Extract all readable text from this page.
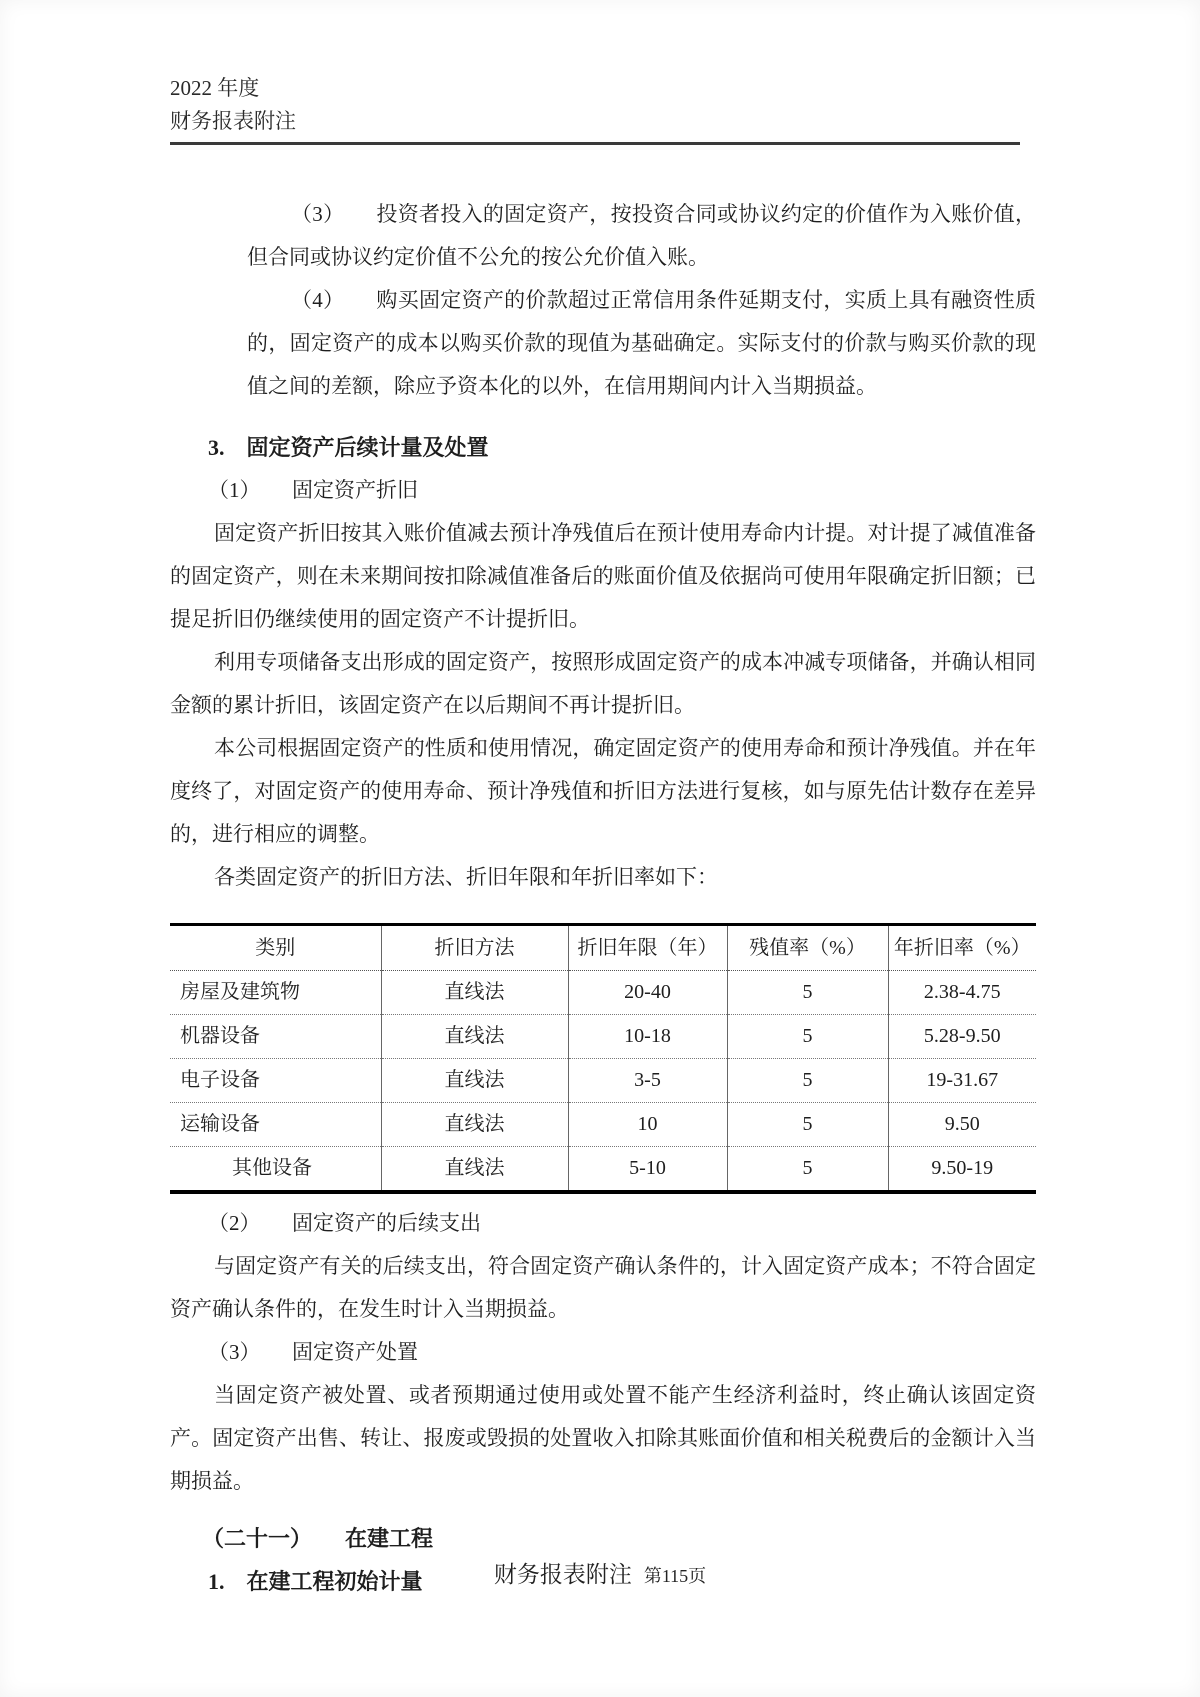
2022 年度
财务报表附注

（3）　　投资者投入的固定资产，按投资合同或协议约定的价值作为入账价值，但合同或协议约定价值不公允的按公允价值入账。

（4）　　购买固定资产的价款超过正常信用条件延期支付，实质上具有融资性质的，固定资产的成本以购买价款的现值为基础确定。实际支付的价款与购买价款的现值之间的差额，除应予资本化的以外，在信用期间内计入当期损益。

3.　固定资产后续计量及处置

（1）　　固定资产折旧

固定资产折旧按其入账价值减去预计净残值后在预计使用寿命内计提。对计提了减值准备的固定资产，则在未来期间按扣除减值准备后的账面价值及依据尚可使用年限确定折旧额；已提足折旧仍继续使用的固定资产不计提折旧。

利用专项储备支出形成的固定资产，按照形成固定资产的成本冲减专项储备，并确认相同金额的累计折旧，该固定资产在以后期间不再计提折旧。

本公司根据固定资产的性质和使用情况，确定固定资产的使用寿命和预计净残值。并在年度终了，对固定资产的使用寿命、预计净残值和折旧方法进行复核，如与原先估计数存在差异的，进行相应的调整。

各类固定资产的折旧方法、折旧年限和年折旧率如下：

类别	折旧方法	折旧年限（年）	残值率（%）	年折旧率（%）
房屋及建筑物	直线法	20-40	5	2.38-4.75
机器设备	直线法	10-18	5	5.28-9.50
电子设备	直线法	3-5	5	19-31.67
运输设备	直线法	10	5	9.50
其他设备	直线法	5-10	5	9.50-19

（2）　　固定资产的后续支出

与固定资产有关的后续支出，符合固定资产确认条件的，计入固定资产成本；不符合固定资产确认条件的，在发生时计入当期损益。

（3）　　固定资产处置

当固定资产被处置、或者预期通过使用或处置不能产生经济利益时，终止确认该固定资产。固定资产出售、转让、报废或毁损的处置收入扣除其账面价值和相关税费后的金额计入当期损益。

（二十一）　　在建工程

1.　在建工程初始计量	财务报表附注 第115页
